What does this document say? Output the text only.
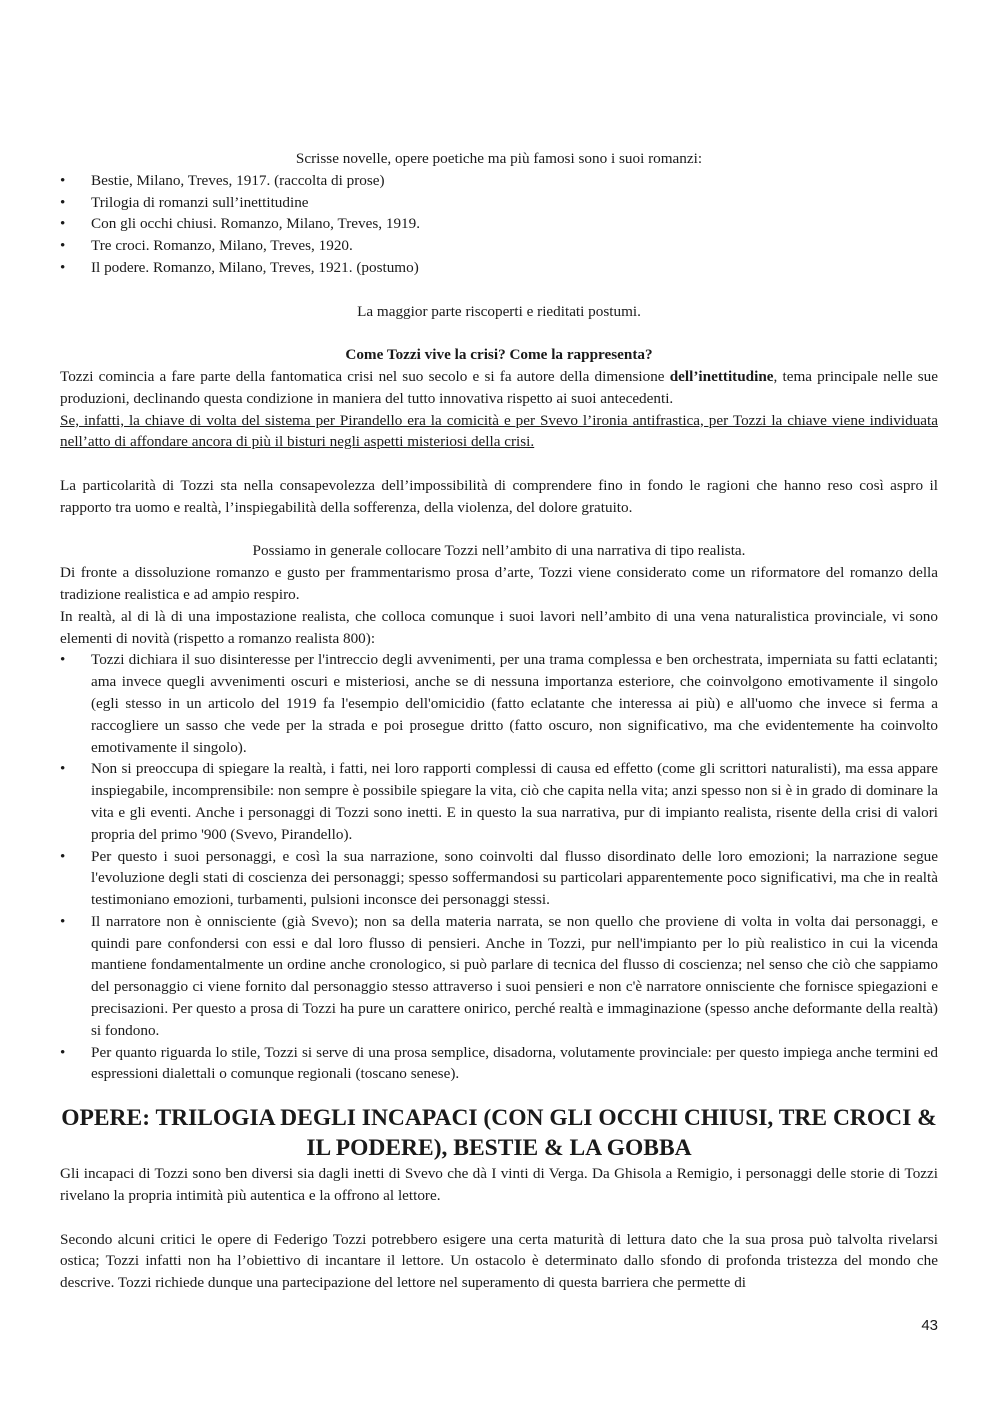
Scrisse novelle, opere poetiche ma più famosi sono i suoi romanzi:

• Bestie, Milano, Treves, 1917. (raccolta di prose)
• Trilogia di romanzi sull’inettitudine
• Con gli occhi chiusi. Romanzo, Milano, Treves, 1919.
• Tre croci. Romanzo, Milano, Treves, 1920.
• Il podere. Romanzo, Milano, Treves, 1921. (postumo)

La maggior parte riscoperti e rieditati postumi.

Come Tozzi vive la crisi? Come la rappresenta?

Tozzi comincia a fare parte della fantomatica crisi nel suo secolo e si fa autore della dimensione dell’inettitudine, tema principale nelle sue produzioni, declinando questa condizione in maniera del tutto innovativa rispetto ai suoi antecedenti.

Se, infatti, la chiave di volta del sistema per Pirandello era la comicità e per Svevo l’ironia antifrastica, per Tozzi la chiave viene individuata nell’atto di affondare ancora di più il bisturi negli aspetti misteriosi della crisi.

La particolarità di Tozzi sta nella consapevolezza dell’impossibilità di comprendere fino in fondo le ragioni che hanno reso così aspro il rapporto tra uomo e realtà, l’inspiegabilità della sofferenza, della violenza, del dolore gratuito.

Possiamo in generale collocare Tozzi nell’ambito di una narrativa di tipo realista.

Di fronte a dissoluzione romanzo e gusto per frammentarismo prosa d’arte, Tozzi viene considerato come un riformatore del romanzo della tradizione realistica e ad ampio respiro.

In realtà, al di là di una impostazione realista, che colloca comunque i suoi lavori nell’ambito di una vena naturalistica provinciale, vi sono elementi di novità (rispetto a romanzo realista 800):

• Tozzi dichiara il suo disinteresse per l'intreccio degli avvenimenti, per una trama complessa e ben orchestrata, imperniata su fatti eclatanti; ama invece quegli avvenimenti oscuri e misteriosi, anche se di nessuna importanza esteriore, che coinvolgono emotivamente il singolo (egli stesso in un articolo del 1919 fa l'esempio dell'omicidio (fatto eclatante che interessa ai più) e all'uomo che invece si ferma a raccogliere un sasso che vede per la strada e poi prosegue dritto (fatto oscuro, non significativo, ma che evidentemente ha coinvolto emotivamente il singolo).
• Non si preoccupa di spiegare la realtà, i fatti, nei loro rapporti complessi di causa ed effetto (come gli scrittori naturalisti), ma essa appare inspiegabile, incomprensibile: non sempre è possibile spiegare la vita, ciò che capita nella vita; anzi spesso non si è in grado di dominare la vita e gli eventi. Anche i personaggi di Tozzi sono inetti. E in questo la sua narrativa, pur di impianto realista, risente della crisi di valori propria del primo '900 (Svevo, Pirandello).
• Per questo i suoi personaggi, e così la sua narrazione, sono coinvolti dal flusso disordinato delle loro emozioni; la narrazione segue l'evoluzione degli stati di coscienza dei personaggi; spesso soffermandosi su particolari apparentemente poco significativi, ma che in realtà testimoniano emozioni, turbamenti, pulsioni inconsce dei personaggi stessi.
• Il narratore non è onnisciente (già Svevo); non sa della materia narrata, se non quello che proviene di volta in volta dai personaggi, e quindi pare confondersi con essi e dal loro flusso di pensieri. Anche in Tozzi, pur nell'impianto per lo più realistico in cui la vicenda mantiene fondamentalmente un ordine anche cronologico, si può parlare di tecnica del flusso di coscienza; nel senso che ciò che sappiamo del personaggio ci viene fornito dal personaggio stesso attraverso i suoi pensieri e non c'è narratore onnisciente che fornisce spiegazioni e precisazioni. Per questo a prosa di Tozzi ha pure un carattere onirico, perché realtà e immaginazione (spesso anche deformante della realtà) si fondono.
• Per quanto riguarda lo stile, Tozzi si serve di una prosa semplice, disadorna, volutamente provinciale: per questo impiega anche termini ed espressioni dialettali o comunque regionali (toscano senese).
OPERE: TRILOGIA DEGLI INCAPACI (CON GLI OCCHI CHIUSI, TRE CROCI & IL PODERE), BESTIE & LA GOBBA

Gli incapaci di Tozzi sono ben diversi sia dagli inetti di Svevo che dà I vinti di Verga. Da Ghisola a Remigio, i personaggi delle storie di Tozzi rivelano la propria intimità più autentica e la offrono al lettore.

Secondo alcuni critici le opere di Federigo Tozzi potrebbero esigere una certa maturità di lettura dato che la sua prosa può talvolta rivelarsi ostica; Tozzi infatti non ha l’obiettivo di incantare il lettore. Un ostacolo è determinato dallo sfondo di profonda tristezza del mondo che descrive. Tozzi richiede dunque una partecipazione del lettore nel superamento di questa barriera che permette di

43
